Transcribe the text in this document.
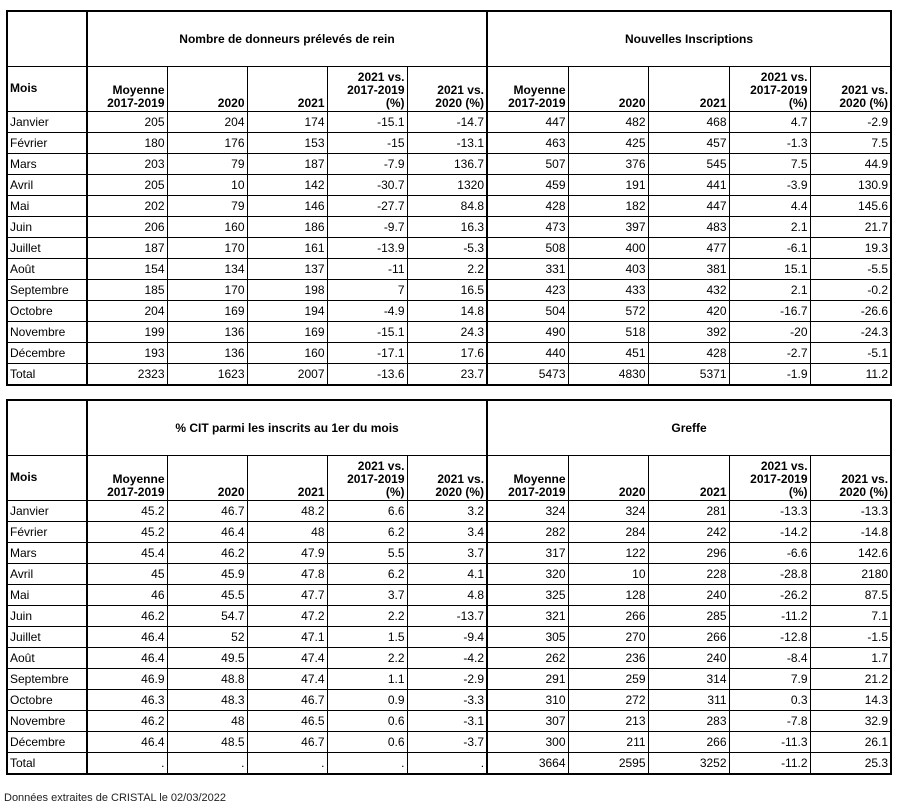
	Nombre de donneurs prélevés de rein					Nouvelles Inscriptions				
Mois	Moyenne 2017-2019	2020	2021	2021 vs. 2017-2019 (%)	2021 vs. 2020 (%)	Moyenne 2017-2019	2020	2021	2021 vs. 2017-2019 (%)	2021 vs. 2020 (%)
Janvier	205	204	174	-15.1	-14.7	447	482	468	4.7	-2.9
Février	180	176	153	-15	-13.1	463	425	457	-1.3	7.5
Mars	203	79	187	-7.9	136.7	507	376	545	7.5	44.9
Avril	205	10	142	-30.7	1320	459	191	441	-3.9	130.9
Mai	202	79	146	-27.7	84.8	428	182	447	4.4	145.6
Juin	206	160	186	-9.7	16.3	473	397	483	2.1	21.7
Juillet	187	170	161	-13.9	-5.3	508	400	477	-6.1	19.3
Août	154	134	137	-11	2.2	331	403	381	15.1	-5.5
Septembre	185	170	198	7	16.5	423	433	432	2.1	-0.2
Octobre	204	169	194	-4.9	14.8	504	572	420	-16.7	-26.6
Novembre	199	136	169	-15.1	24.3	490	518	392	-20	-24.3
Décembre	193	136	160	-17.1	17.6	440	451	428	-2.7	-5.1
Total	2323	1623	2007	-13.6	23.7	5473	4830	5371	-1.9	11.2
	% CIT parmi les inscrits au 1er du mois					Greffe				
Mois	Moyenne 2017-2019	2020	2021	2021 vs. 2017-2019 (%)	2021 vs. 2020 (%)	Moyenne 2017-2019	2020	2021	2021 vs. 2017-2019 (%)	2021 vs. 2020 (%)
Janvier	45.2	46.7	48.2	6.6	3.2	324	324	281	-13.3	-13.3
Février	45.2	46.4	48	6.2	3.4	282	284	242	-14.2	-14.8
Mars	45.4	46.2	47.9	5.5	3.7	317	122	296	-6.6	142.6
Avril	45	45.9	47.8	6.2	4.1	320	10	228	-28.8	2180
Mai	46	45.5	47.7	3.7	4.8	325	128	240	-26.2	87.5
Juin	46.2	54.7	47.2	2.2	-13.7	321	266	285	-11.2	7.1
Juillet	46.4	52	47.1	1.5	-9.4	305	270	266	-12.8	-1.5
Août	46.4	49.5	47.4	2.2	-4.2	262	236	240	-8.4	1.7
Septembre	46.9	48.8	47.4	1.1	-2.9	291	259	314	7.9	21.2
Octobre	46.3	48.3	46.7	0.9	-3.3	310	272	311	0.3	14.3
Novembre	46.2	48	46.5	0.6	-3.1	307	213	283	-7.8	32.9
Décembre	46.4	48.5	46.7	0.6	-3.7	300	211	266	-11.3	26.1
Total	.	.	.	.	.	3664	2595	3252	-11.2	25.3
Données extraites de CRISTAL le 02/03/2022
